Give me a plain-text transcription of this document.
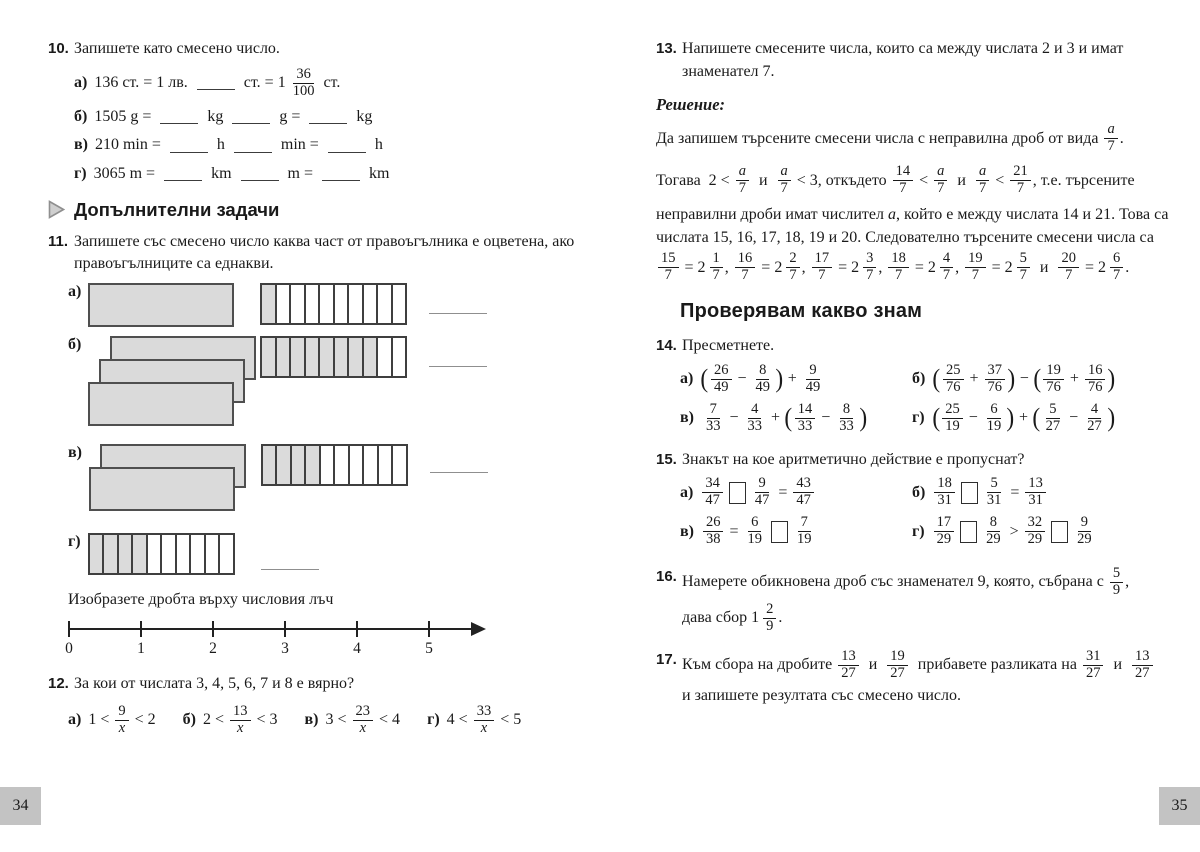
10. Запишете като смесено число.
а) 136 ст. = 1 лв.	ст. = $1 \frac{36}{100}$ ст.
б) 1505 g =	kg	g =	kg
в) 210 min =	h	min =	h
г) 3065 m =	km	m =	km
Допълнителни задачи
11. Запишете със смесено число каква част от правоъгълника е оцветена, ако правоъгълниците са еднакви.
а)
б)
в)
г)
Изобразете дробта върху числовия лъч
0	1	2	3	4	5
12. За кои от числата 3, 4, 5, 6, 7 и 8 е вярно?
а) $1 < \frac{9}{x} < 2$ б) $2 < \frac{13}{x} < 3$ в) $3 < \frac{23}{x} < 4$ г) $4 < \frac{33}{x} < 5$
13. Напишете смесените числа, които са между числата 2 и 3 и имат знаменател 7.
Решение:
Да запишем търсените смесени числа с неправилна дроб от вида $\frac{a}{7}$ .

Тогава  $2 < \frac{a}{7}$ и $\frac{a}{7} < 3$, откъдето $\frac{14}{7} < \frac{a}{7}$ и $\frac{a}{7} < \frac{21}{7}$ , т.е. търсените

неправилни дроби имат числител a , който е между числата 14 и 21. Това са

числата 15, 16, 17, 18, 19 и 20. Следователно търсените смесени числа са

$\frac{15}{7} = 2 \frac{1}{7}$ , $\frac{16}{7} = 2 \frac{2}{7}$ , $\frac{17}{7} = 2 \frac{3}{7}$ , $\frac{18}{7} = 2 \frac{4}{7}$ , $\frac{19}{7} = 2 \frac{5}{7}$ и $\frac{20}{7} = 2 \frac{6}{7}$ .
Проверявам какво знам
14. Пресметнете.
а) ( $\frac{26}{49} - \frac{8}{49}$ ) + $\frac{9}{49}$	б) ( $\frac{25}{76} + \frac{37}{76}$ ) − ( $\frac{19}{76} + \frac{16}{76}$ )
$в) \frac{7}{33} - \frac{4}{33}$ + ( $\frac{14}{33} - \frac{8}{33}$ )	г) ( $\frac{25}{19} - \frac{6}{19}$ ) + ( $\frac{5}{27} - \frac{4}{27}$ )
15. Знакът на кое аритметично действие е пропуснат?
$а) \frac{34}{47} \frac{9}{47} = \frac{43}{47}$	$б) \frac{18}{31} \frac{5}{31} = \frac{13}{31}$
$в) \frac{26}{38} = \frac{6}{19} \frac{7}{19}$	$г) \frac{17}{29} \frac{8}{29} > \frac{32}{29} \frac{9}{29}$
16. Намерете обикновена дроб със знаменател 9, която, събрана с $\frac{5}{9}$ ,

дава сбор $1 \frac{2}{9}$ .
17. Към сбора на дробите $\frac{13}{27}$ и $\frac{19}{27}$ прибавете разликата на $\frac{31}{27}$ и $\frac{13}{27}$

и запишете резултата със смесено число.
34	35
